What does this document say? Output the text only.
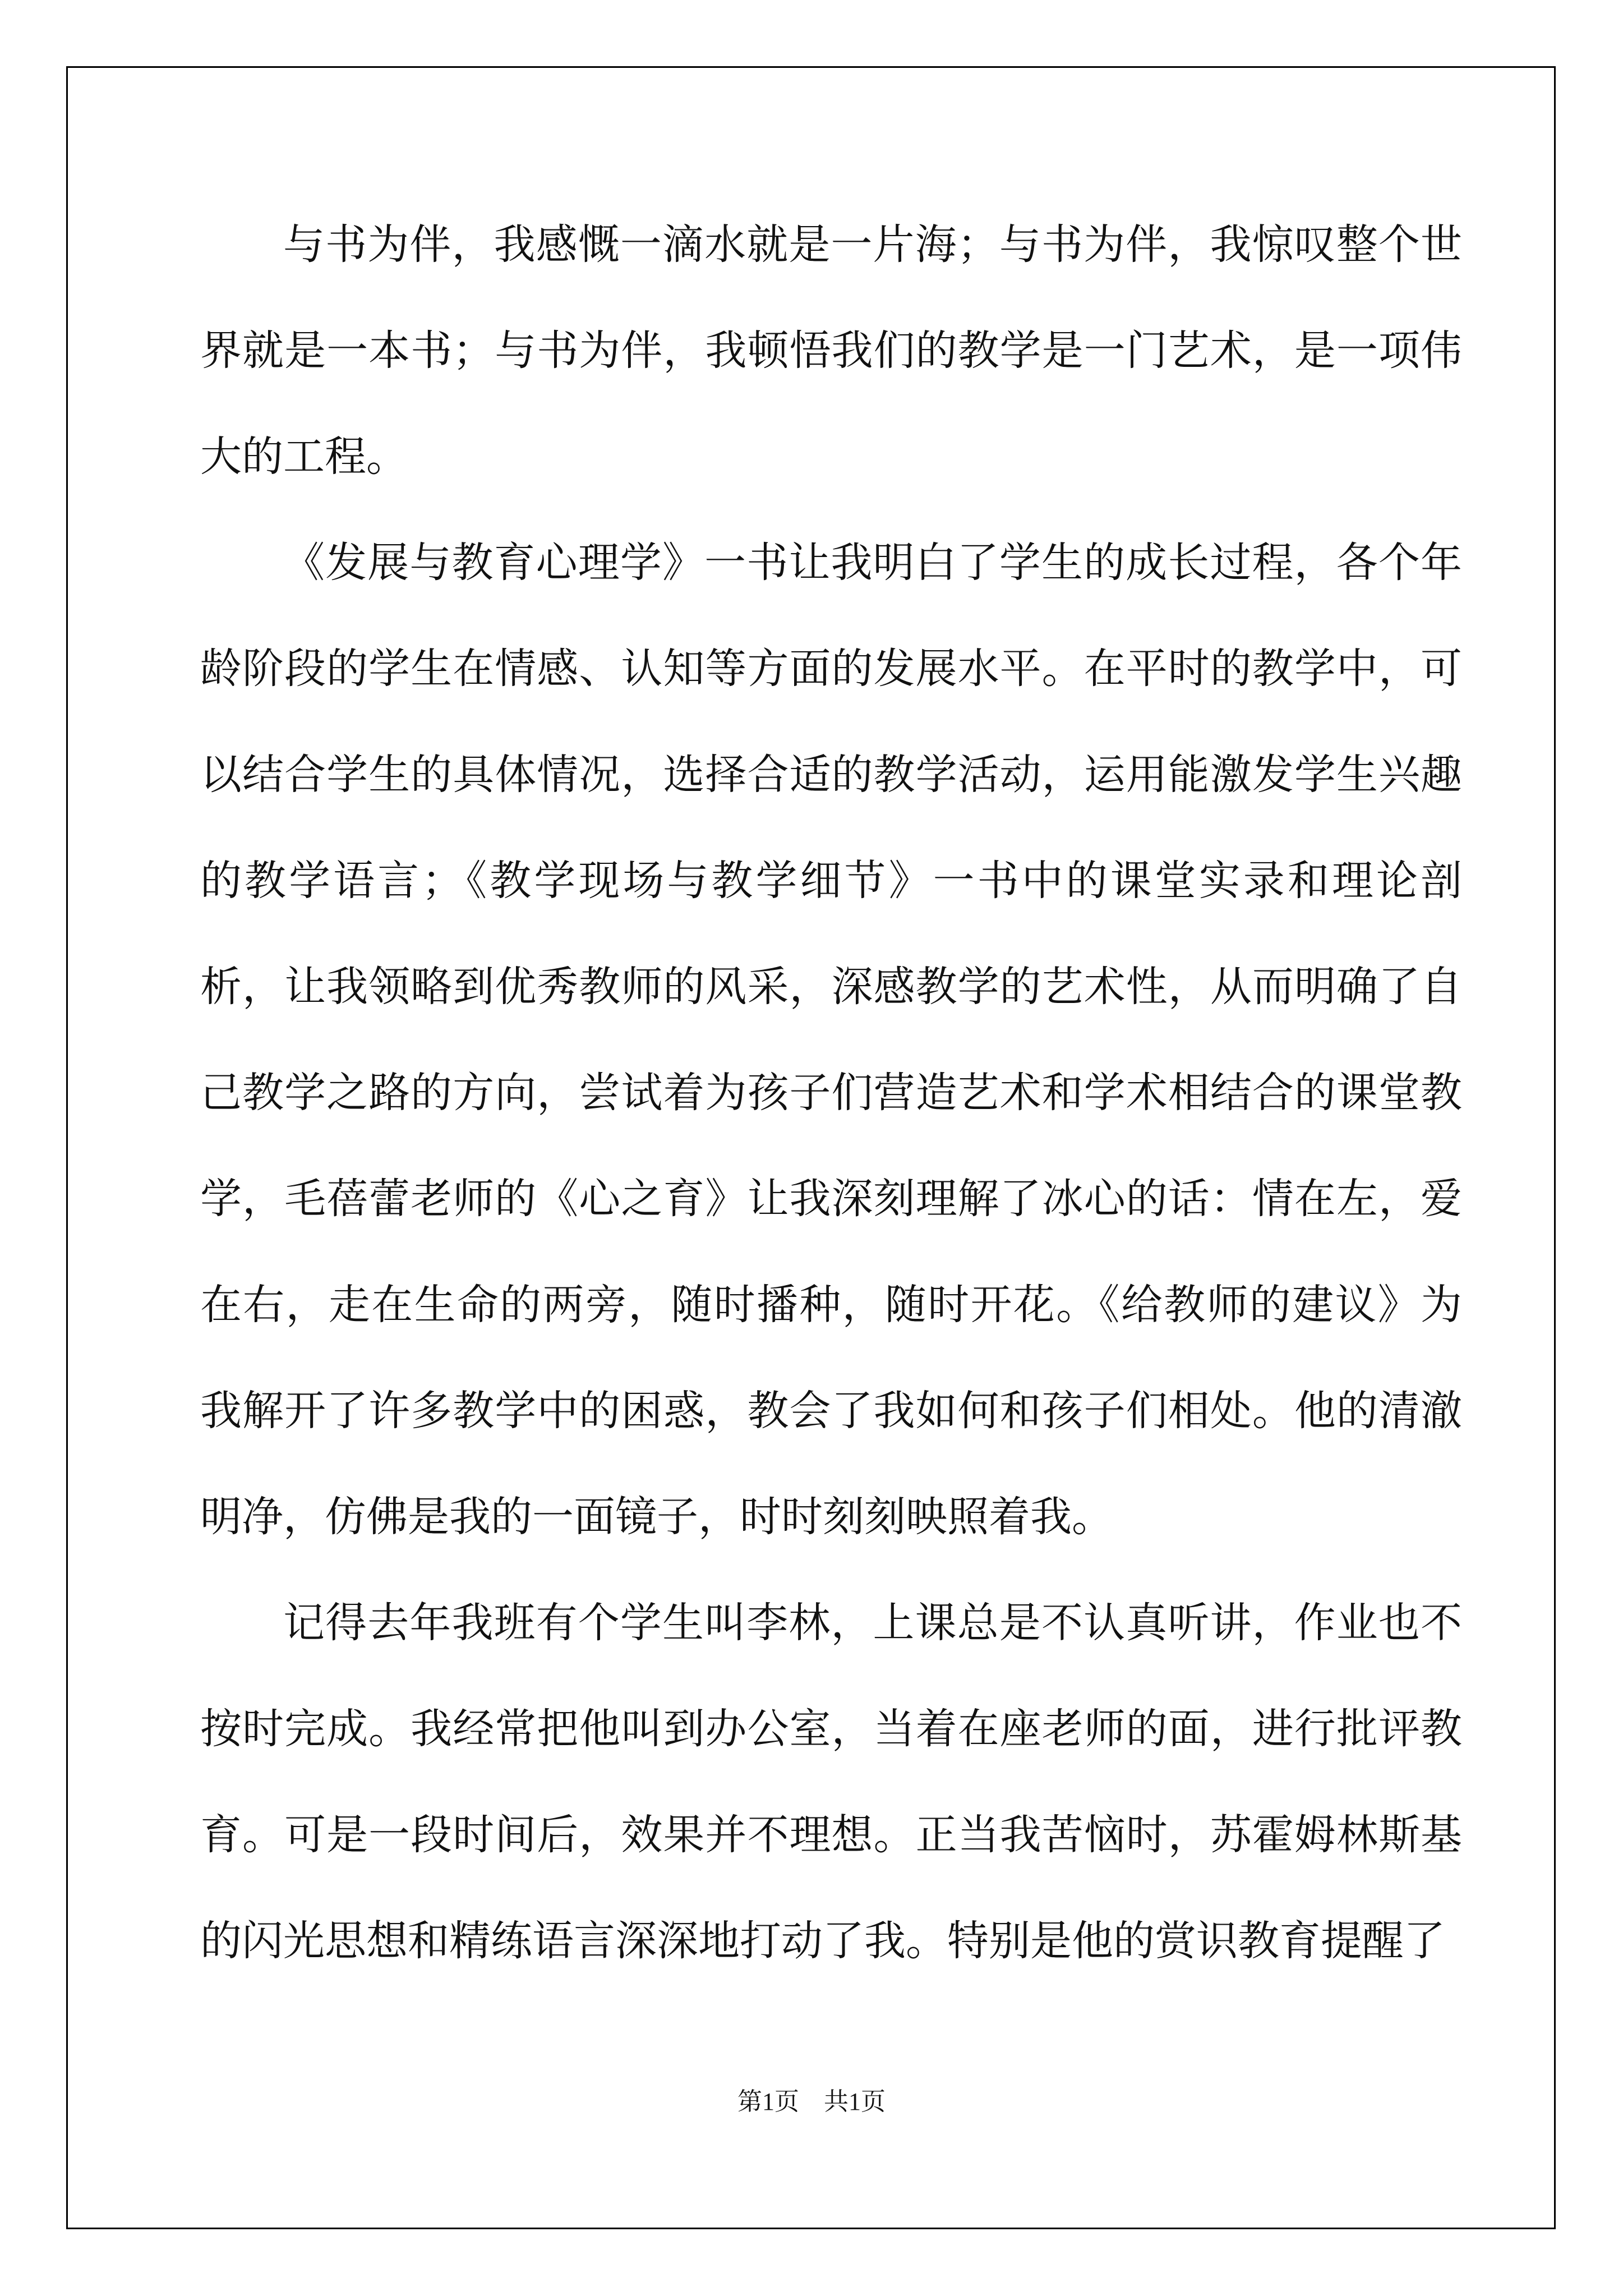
与书为伴，我感慨一滴水就是一片海；与书为伴，我惊叹整个世界就是一本书；与书为伴，我顿悟我们的教学是一门艺术，是一项伟大的工程。

《发展与教育心理学》一书让我明白了学生的成长过程，各个年龄阶段的学生在情感、认知等方面的发展水平。在平时的教学中，可以结合学生的具体情况，选择合适的教学活动，运用能激发学生兴趣的教学语言；《教学现场与教学细节》一书中的课堂实录和理论剖析，让我领略到优秀教师的风采，深感教学的艺术性，从而明确了自己教学之路的方向，尝试着为孩子们营造艺术和学术相结合的课堂教学，毛蓓蕾老师的《心之育》让我深刻理解了冰心的话：情在左，爱在右，走在生命的两旁，随时播种，随时开花。《给教师的建议》为我解开了许多教学中的困惑，教会了我如何和孩子们相处。他的清澈明净，仿佛是我的一面镜子，时时刻刻映照着我。

记得去年我班有个学生叫李林，上课总是不认真听讲，作业也不按时完成。我经常把他叫到办公室，当着在座老师的面，进行批评教育。可是一段时间后，效果并不理想。正当我苦恼时，苏霍姆林斯基的闪光思想和精练语言深深地打动了我。特别是他的赏识教育提醒了

第1页 共1页
